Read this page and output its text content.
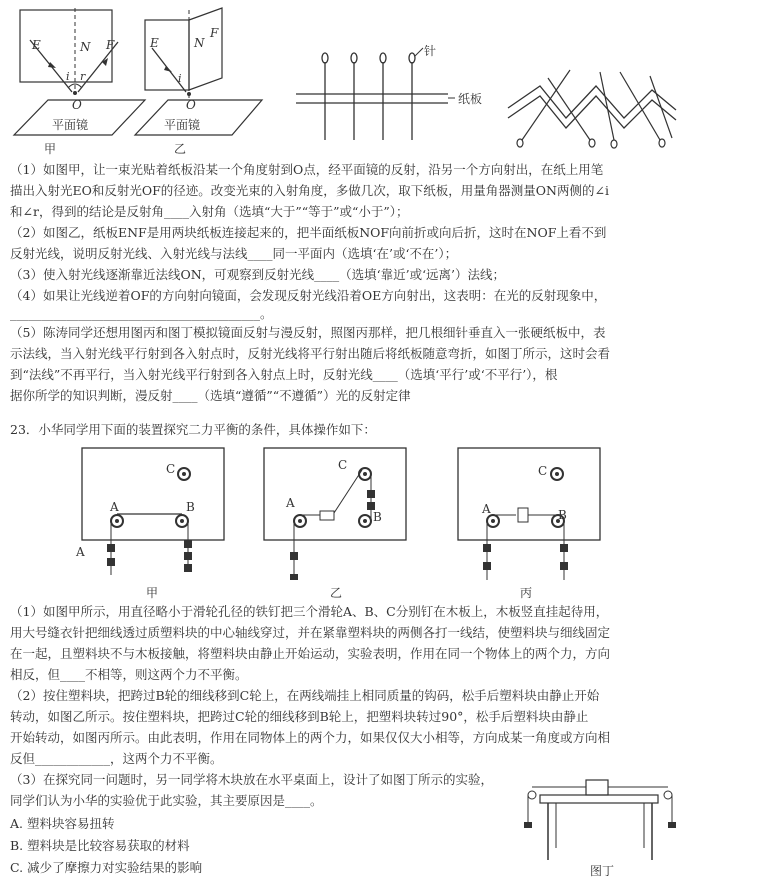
E	N F
i r
O
平面镜
甲
E	N
F
i
O
平面镜
乙
针
纸板
（1）如图甲，让一束光贴着纸板沿某一个角度射到O点，经平面镜的反射，沿另一个方向射出，在纸上用笔
描出入射光EO和反射光OF的径迹。改变光束的入射角度，多做几次，取下纸板，用量角器测量ON两侧的∠i
和∠r，得到的结论是反射角____入射角（选填“大于”“等于”或“小于”）；
（2）如图乙，纸板ENF是用两块纸板连接起来的，把半面纸板NOF向前折或向后折，这时在NOF上看不到
反射光线，说明反射光线、入射光线与法线____同一平面内（选填‘在’或‘不在’）；
（3）使入射光线逐渐靠近法线ON，可观察到反射光线____（选填‘靠近’或‘远离’）法线；
（4）如果让光线逆着OF的方向射向镜面，会发现反射光线沿着OE方向射出，这表明：在光的反射现象中，
________________________________________。
（5）陈涛同学还想用图丙和图丁模拟镜面反射与漫反射，照图丙那样，把几根细针垂直入一张硬纸板中，表
示法线，当入射光线平行射到各入射点时，反射光线将平行射出随后将纸板随意弯折，如图丁所示，这时会看
到“法线”不再平行，当入射光线平行射到各入射点上时，反射光线____（选填‘平行’或‘不平行’），根
据你所学的知识判断，漫反射____（选填“遵循”“不遵循”）光的反射定律
23．小华同学用下面的装置探究二力平衡的条件，具体操作如下：
C
A	B
A
甲
C
A
B
乙
C
A	B
丙
（1）如图甲所示，用直径略小于滑轮孔径的铁钉把三个滑轮A、B、C分别钉在木板上，木板竖直挂起待用，
用大号缝衣针把细线透过质塑料块的中心轴线穿过，并在紧靠塑料块的两侧各打一线结，使塑料块与细线固定
在一起，且塑料块不与木板接触，将塑料块由静止开始运动，实验表明，作用在同一个物体上的两个力，方向
相反，但____不相等，则这两个力不平衡。
（2）按住塑料块，把跨过B轮的细线移到C轮上，在两线端挂上相同质量的钩码，松手后塑料块由静止开始
转动，如图乙所示。按住塑料块，把跨过C轮的细线移到B轮上，把塑料块转过90°，松手后塑料块由静止
开始转动，如图丙所示。由此表明，作用在同物体上的两个力，如果仅仅大小相等，方向成某一角度或方向相
反但____________，这两个力不平衡。
（3）在探究同一问题时，另一同学将木块放在水平桌面上，设计了如图丁所示的实验，
同学们认为小华的实验优于此实验，其主要原因是____。
A. 塑料块容易扭转
B. 塑料块是比较容易获取的材料
C. 减少了摩擦力对实验结果的影响	图丁
